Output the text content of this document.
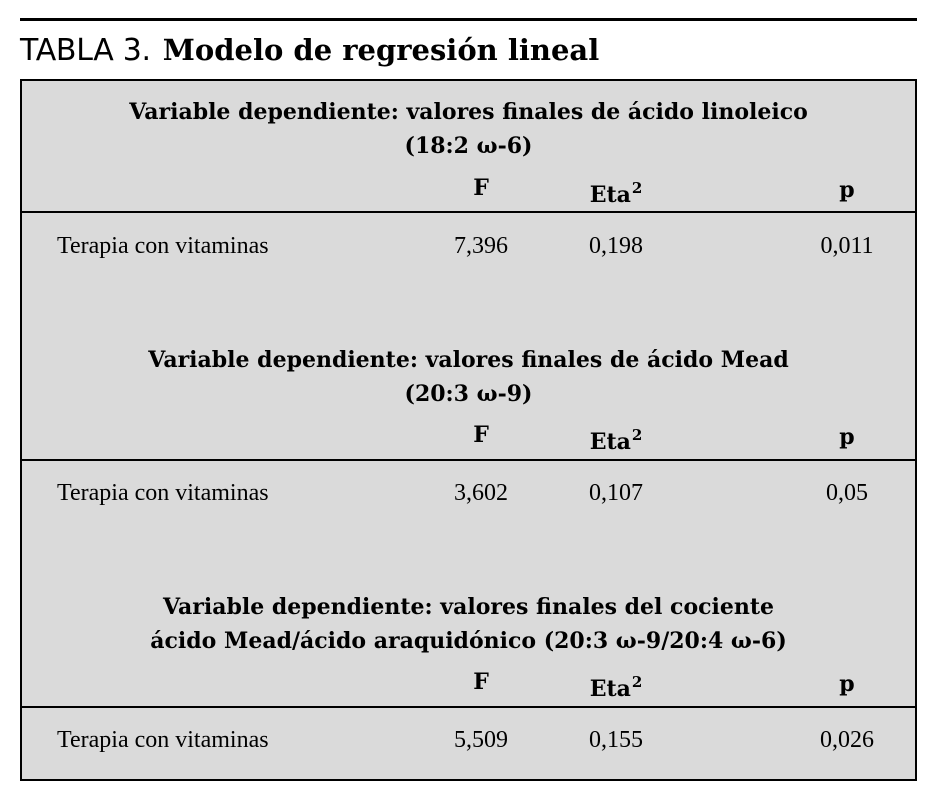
TABLA 3. Modelo de regresión lineal
Variable dependiente: valores finales de ácido linoleico
(18:2 ω-6)
F	Eta$^2$	p
Terapia con vitaminas	7,396	0,198	0,011
Variable dependiente: valores finales de ácido Mead
(20:3 ω-9)
F	Eta$^2$	p
Terapia con vitaminas	3,602	0,107	0,05
Variable dependiente: valores finales del cociente
ácido Mead/ácido araquidónico (20:3 ω-9/20:4 ω-6)
F	Eta$^2$	p
Terapia con vitaminas	5,509	0,155	0,026
